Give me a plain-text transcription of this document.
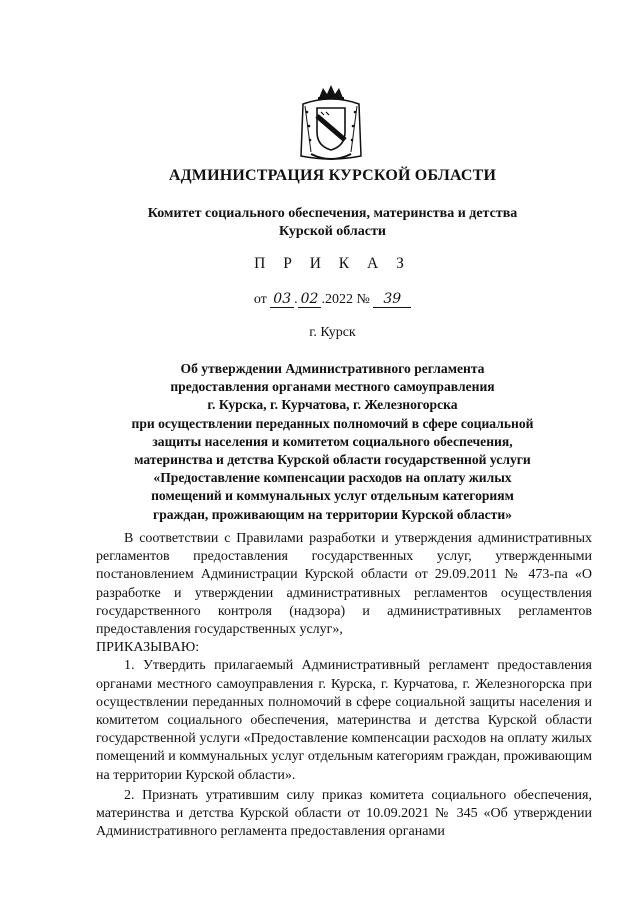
АДМИНИСТРАЦИЯ КУРСКОЙ ОБЛАСТИ
Комитет социального обеспечения, материнства и детства
Курской области
П Р И К А З
от 03 . 02 .2022 № 39
г. Курск
Об утверждении Административного регламента
предоставления органами местного самоуправления
г. Курска, г. Курчатова, г. Железногорска
при осуществлении переданных полномочий в сфере социальной
защиты населения и комитетом социального обеспечения,
материнства и детства Курской области государственной услуги
«Предоставление компенсации расходов на оплату жилых
помещений и коммунальных услуг отдельным категориям
граждан, проживающим на территории Курской области»

В соответствии с Правилами разработки и утверждения административных регламентов предоставления государственных услуг, утвержденными постановлением Администрации Курской области от 29.09.2011 № 473-па «О разработке и утверждении административных регламентов осуществления государственного контроля (надзора) и административных регламентов предоставления государственных услуг»,

ПРИКАЗЫВАЮ:

1. Утвердить прилагаемый Административный регламент предоставления органами местного самоуправления г. Курска, г. Курчатова, г. Железногорска при осуществлении переданных полномочий в сфере социальной защиты населения и комитетом социального обеспечения, материнства и детства Курской области государственной услуги «Предоставление компенсации расходов на оплату жилых помещений и коммунальных услуг отдельным категориям граждан, проживающим на территории Курской области».

2. Признать утратившим силу приказ комитета социального обеспечения, материнства и детства Курской области от 10.09.2021 № 345 «Об утверждении Административного регламента предоставления органами
